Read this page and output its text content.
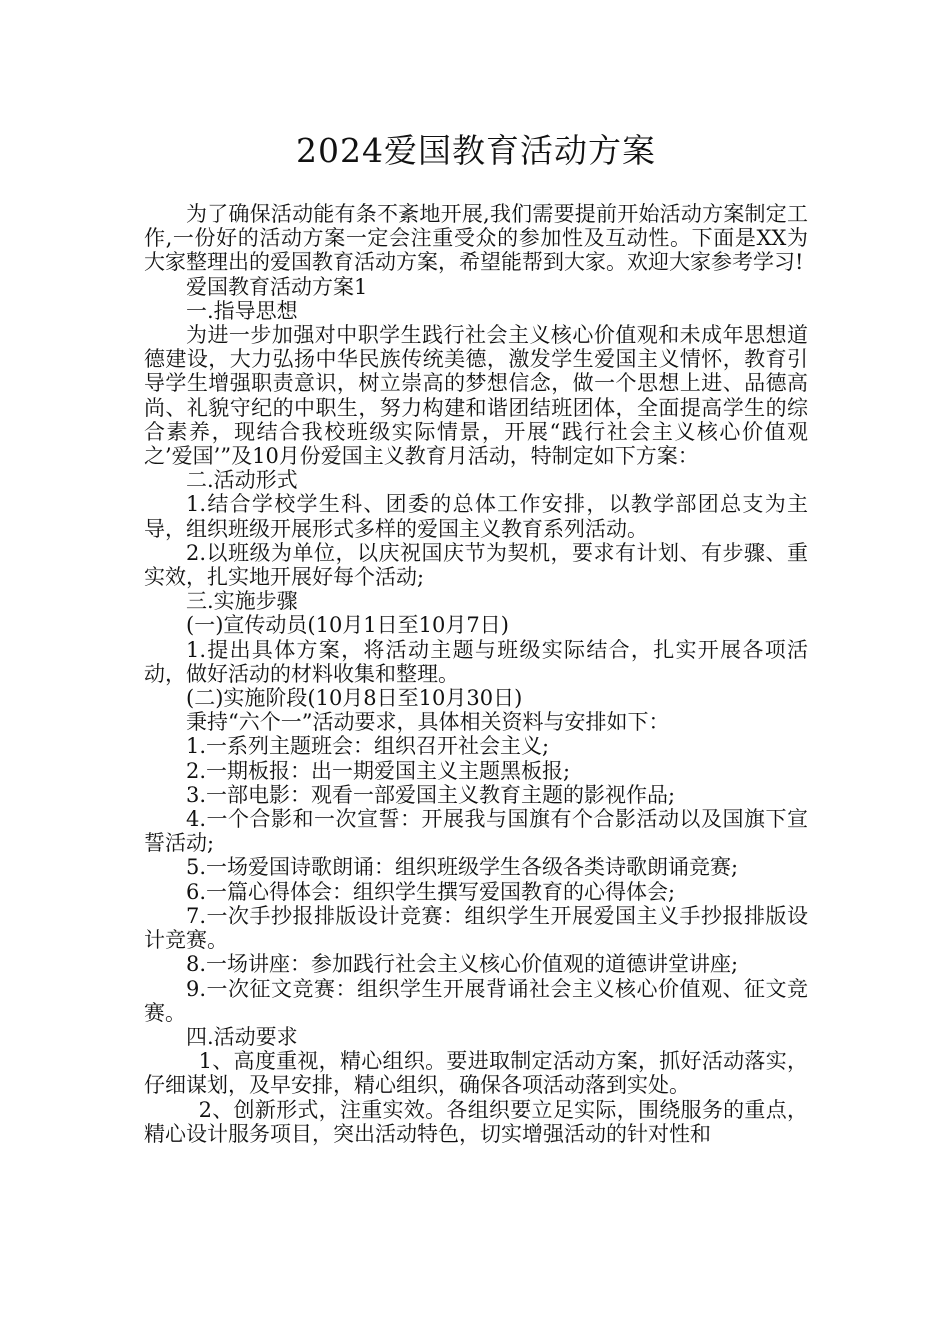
2024爱国教育活动方案

为了确保活动能有条不紊地开展,我们需要提前开始活动方案制定工作,一份好的活动方案一定会注重受众的参加性及互动性。下面是XX为大家整理出的爱国教育活动方案，希望能帮到大家。欢迎大家参考学习!

爱国教育活动方案1

一.指导思想

为进一步加强对中职学生践行社会主义核心价值观和未成年思想道德建设，大力弘扬中华民族传统美德，激发学生爱国主义情怀，教育引导学生增强职责意识，树立崇高的梦想信念，做一个思想上进、品德高尚、礼貌守纪的中职生，努力构建和谐团结班团体，全面提高学生的综合素养，现结合我校班级实际情景，开展“践行社会主义核心价值观之’爱国’”及10月份爱国主义教育月活动，特制定如下方案：

二.活动形式

1.结合学校学生科、团委的总体工作安排，以教学部团总支为主导，组织班级开展形式多样的爱国主义教育系列活动。

2.以班级为单位，以庆祝国庆节为契机，要求有计划、有步骤、重实效，扎实地开展好每个活动;

三.实施步骤

(一)宣传动员(10月1日至10月7日)

1.提出具体方案，将活动主题与班级实际结合，扎实开展各项活动，做好活动的材料收集和整理。

(二)实施阶段(10月8日至10月30日)

秉持“六个一”活动要求，具体相关资料与安排如下：

1.一系列主题班会：组织召开社会主义;

2.一期板报：出一期爱国主义主题黑板报;

3.一部电影：观看一部爱国主义教育主题的影视作品;

4.一个合影和一次宣誓：开展我与国旗有个合影活动以及国旗下宣誓活动;

5.一场爱国诗歌朗诵：组织班级学生各级各类诗歌朗诵竞赛;

6.一篇心得体会：组织学生撰写爱国教育的心得体会;

7.一次手抄报排版设计竞赛：组织学生开展爱国主义手抄报排版设计竞赛。

8.一场讲座：参加践行社会主义核心价值观的道德讲堂讲座;

9.一次征文竞赛：组织学生开展背诵社会主义核心价值观、征文竞赛。

四.活动要求

1、高度重视，精心组织。要进取制定活动方案，抓好活动落实，仔细谋划，及早安排，精心组织，确保各项活动落到实处。

2、创新形式，注重实效。各组织要立足实际，围绕服务的重点，精心设计服务项目，突出活动特色，切实增强活动的针对性和
